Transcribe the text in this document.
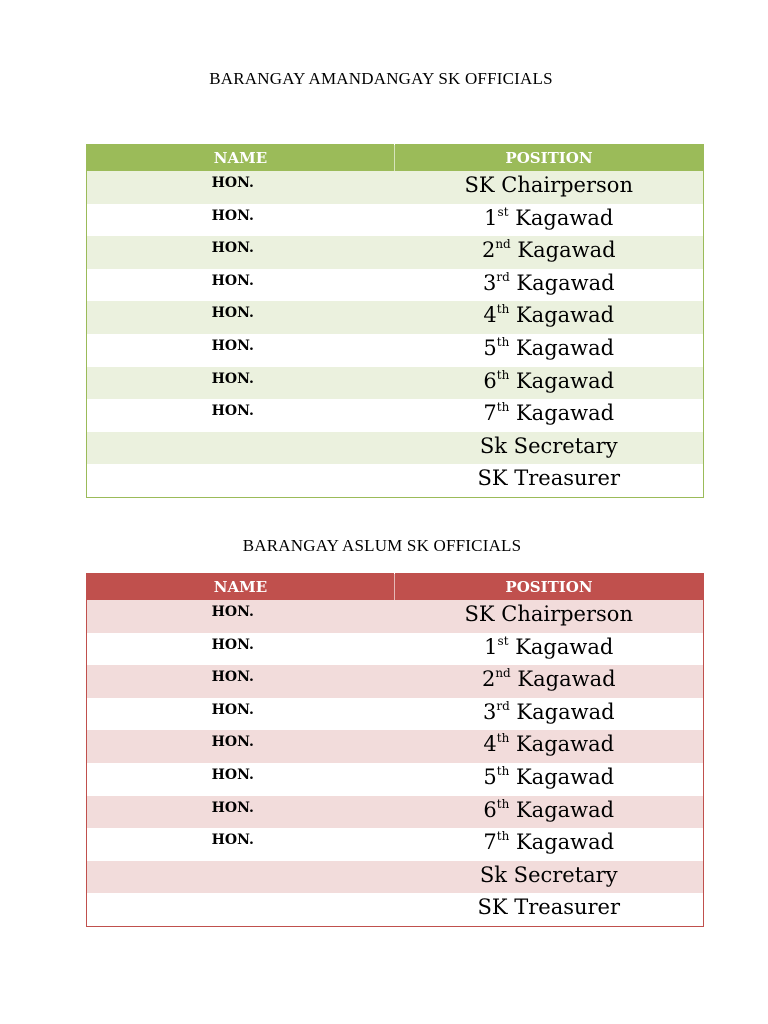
BARANGAY AMANDANGAY SK OFFICIALS
NAME	POSITION
HON.	SK Chairperson
HON.	1st Kagawad
HON.	2nd Kagawad
HON.	3rd Kagawad
HON.	4th Kagawad
HON.	5th Kagawad
HON.	6th Kagawad
HON.	7th Kagawad
	Sk Secretary
	SK Treasurer
BARANGAY ASLUM SK OFFICIALS
NAME	POSITION
HON.	SK Chairperson
HON.	1st Kagawad
HON.	2nd Kagawad
HON.	3rd Kagawad
HON.	4th Kagawad
HON.	5th Kagawad
HON.	6th Kagawad
HON.	7th Kagawad
	Sk Secretary
	SK Treasurer
